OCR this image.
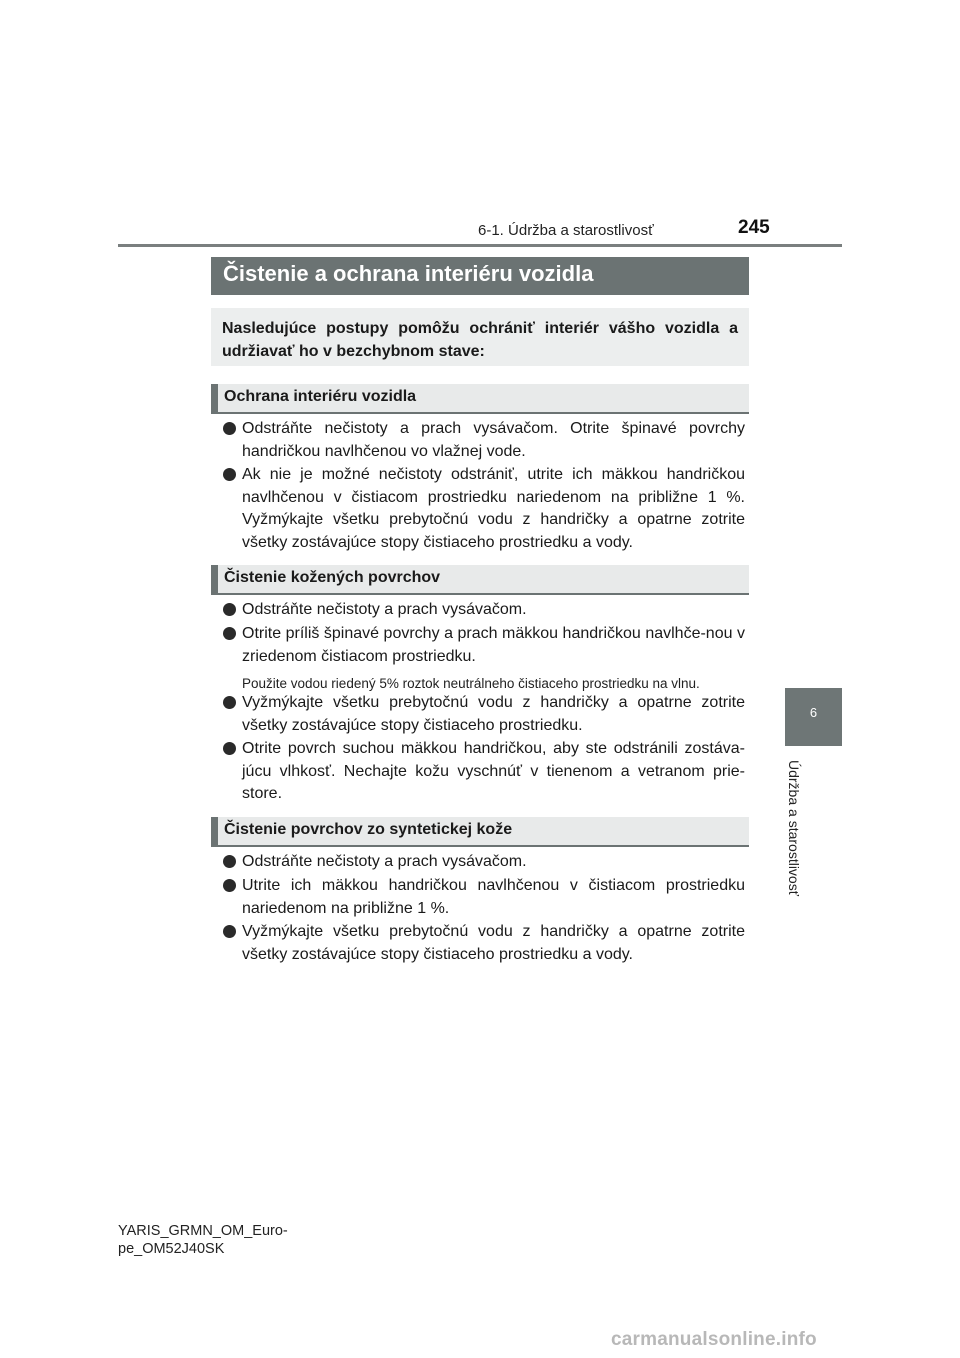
6-1. Údržba a starostlivosť	245
6
Údržba a starostlivosť
Čistenie a ochrana interiéru vozidla

Nasledujúce postupy pomôžu ochrániť interiér vášho vozidla a udržiavať ho v bezchybnom stave:

Ochrana interiéru vozidla
Odstráňte nečistoty a prach vysávačom. Otrite špinavé povrchy handričkou navlhčenou vo vlažnej vode.
Ak nie je možné nečistoty odstrániť, utrite ich mäkkou handričkou navlhčenou v čistiacom prostriedku nariedenom na približne 1 %. Vyžmýkajte všetku prebytočnú vodu z handričky a opatrne zotrite všetky zostávajúce stopy čistiaceho prostriedku a vody.
Čistenie kožených povrchov
Odstráňte nečistoty a prach vysávačom.
Otrite príliš špinavé povrchy a prach mäkkou handričkou navlhče-nou v zriedenom čistiacom prostriedku.
Použite vodou riedený 5% roztok neutrálneho čistiaceho prostriedku na vlnu.
Vyžmýkajte všetku prebytočnú vodu z handričky a opatrne zotrite všetky zostávajúce stopy čistiaceho prostriedku.
Otrite povrch suchou mäkkou handričkou, aby ste odstránili zostáva-júcu vlhkosť. Nechajte kožu vyschnúť v tienenom a vetranom prie-store.
Čistenie povrchov zo syntetickej kože
Odstráňte nečistoty a prach vysávačom.
Utrite ich mäkkou handričkou navlhčenou v čistiacom prostriedku nariedenom na približne 1 %.
Vyžmýkajte všetku prebytočnú vodu z handričky a opatrne zotrite všetky zostávajúce stopy čistiaceho prostriedku a vody.
YARIS_GRMN_OM_Euro-
pe_OM52J40SK
carmanualsonline.info
